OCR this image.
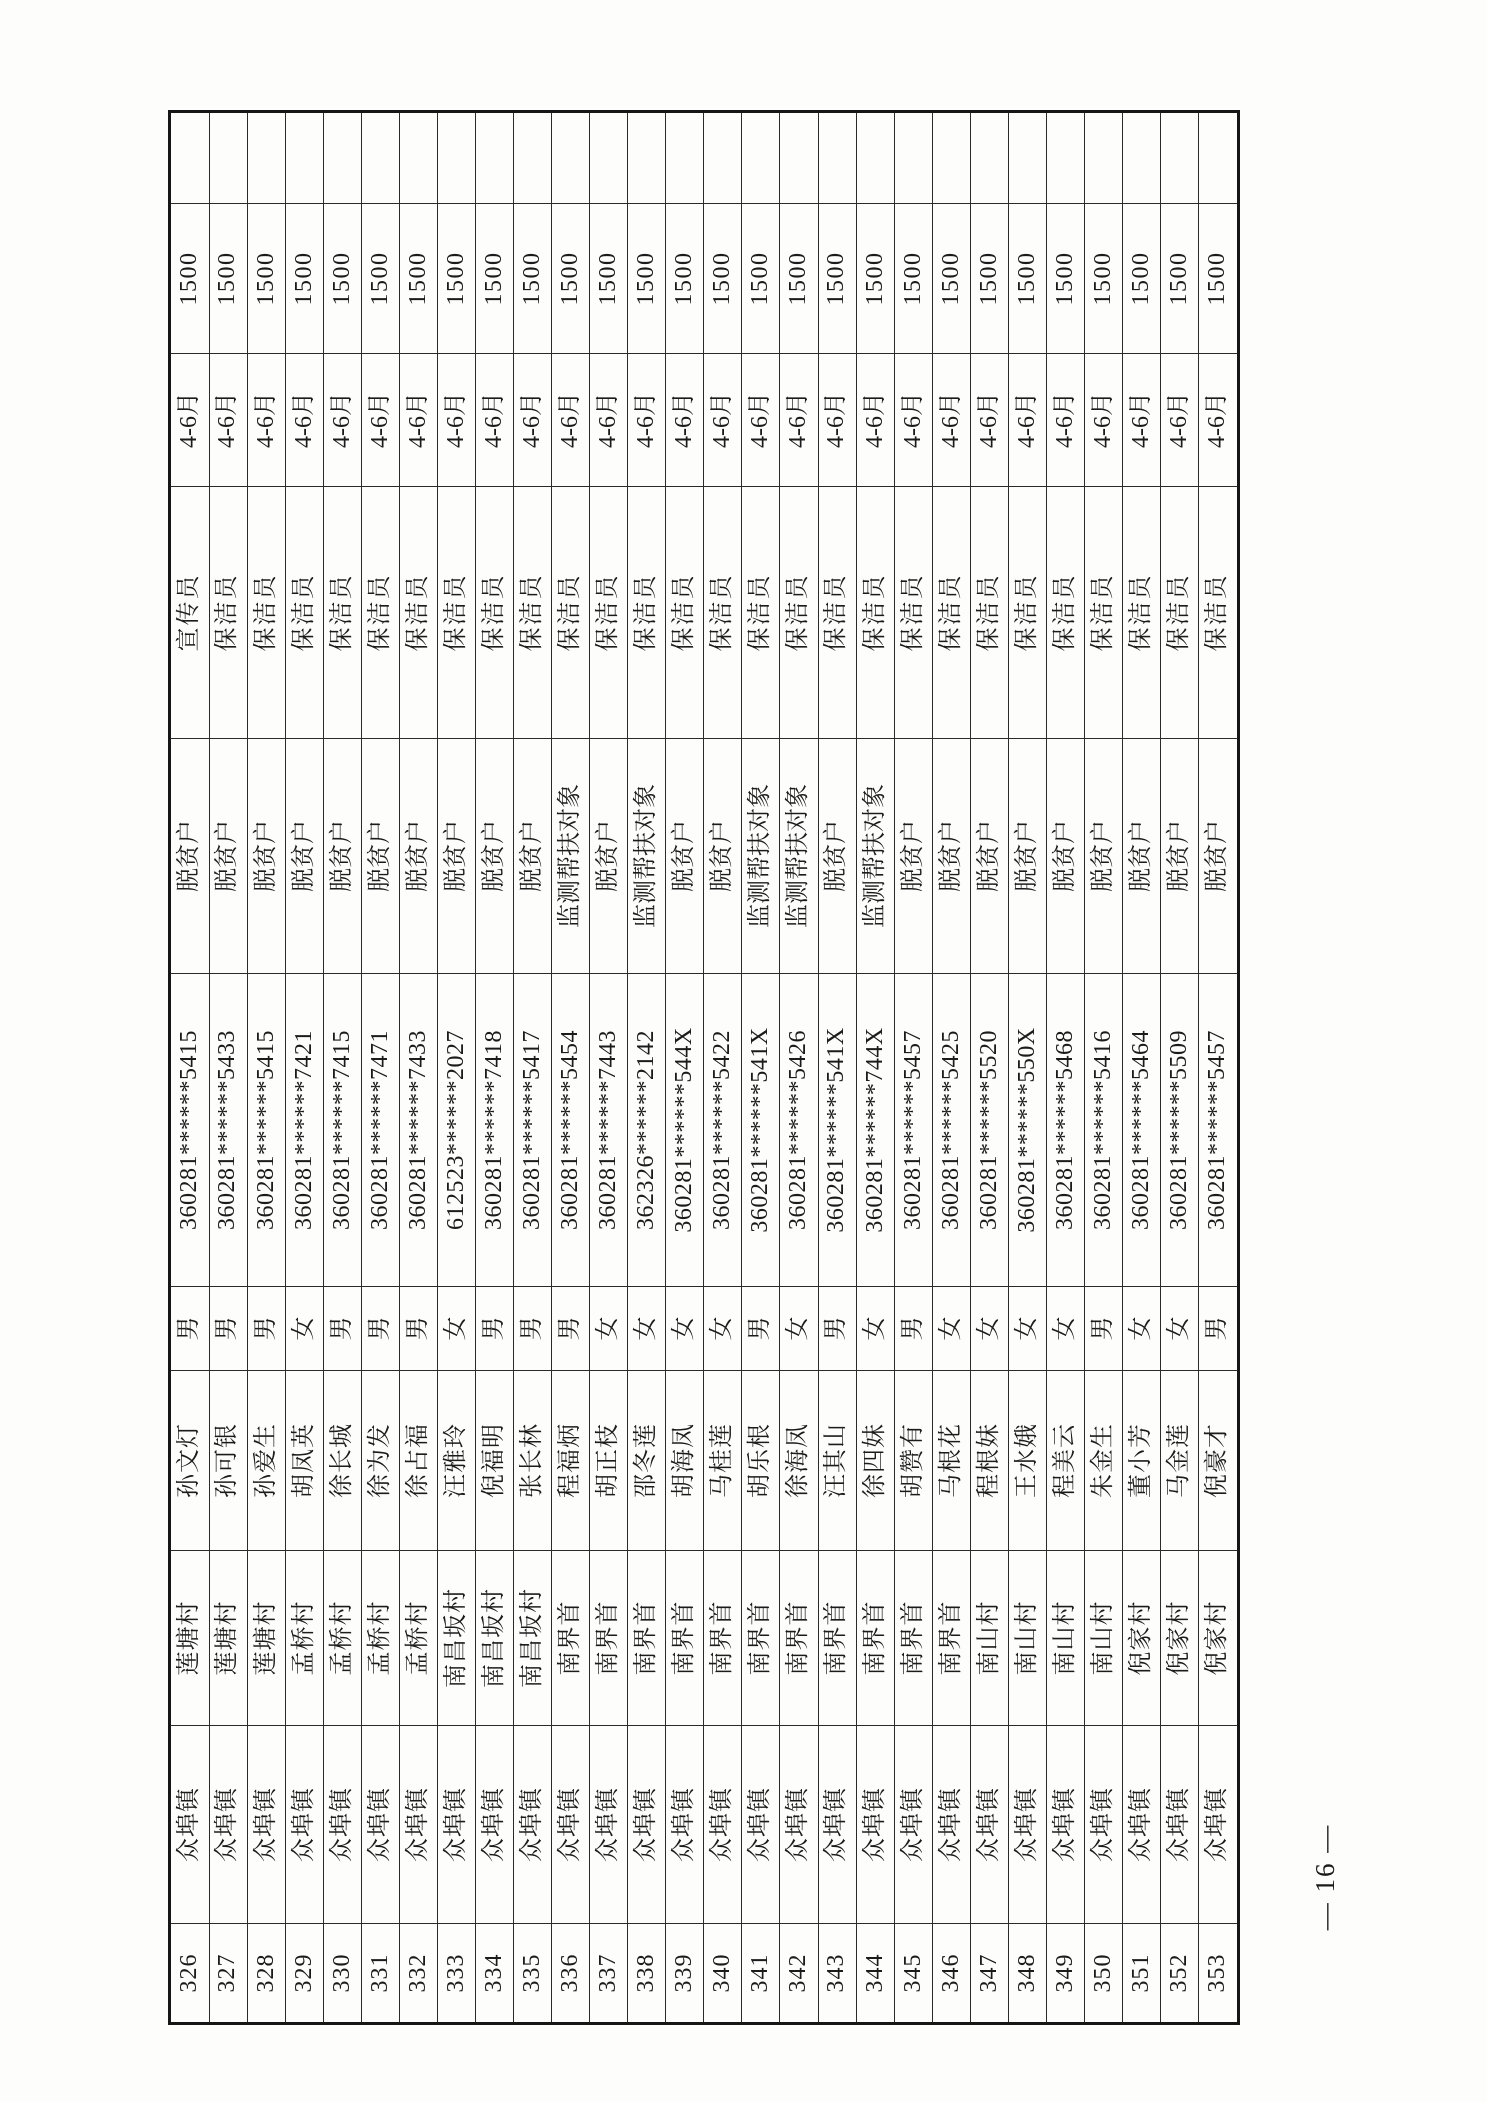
326	众埠镇	莲塘村	孙文灯	男	360281******5415	脱贫户	宣传员	4-6月	1500	
327	众埠镇	莲塘村	孙可银	男	360281******5433	脱贫户	保洁员	4-6月	1500	
328	众埠镇	莲塘村	孙爱生	男	360281******5415	脱贫户	保洁员	4-6月	1500	
329	众埠镇	孟桥村	胡凤英	女	360281******7421	脱贫户	保洁员	4-6月	1500	
330	众埠镇	孟桥村	徐长城	男	360281******7415	脱贫户	保洁员	4-6月	1500	
331	众埠镇	孟桥村	徐为发	男	360281******7471	脱贫户	保洁员	4-6月	1500	
332	众埠镇	孟桥村	徐占福	男	360281******7433	脱贫户	保洁员	4-6月	1500	
333	众埠镇	南昌坂村	汪雅玲	女	612523******2027	脱贫户	保洁员	4-6月	1500	
334	众埠镇	南昌坂村	倪福明	男	360281******7418	脱贫户	保洁员	4-6月	1500	
335	众埠镇	南昌坂村	张长林	男	360281******5417	脱贫户	保洁员	4-6月	1500	
336	众埠镇	南界首	程福炳	男	360281******5454	监测帮扶对象	保洁员	4-6月	1500	
337	众埠镇	南界首	胡正枝	女	360281******7443	脱贫户	保洁员	4-6月	1500	
338	众埠镇	南界首	邵冬莲	女	362326******2142	监测帮扶对象	保洁员	4-6月	1500	
339	众埠镇	南界首	胡海凤	女	360281******544X	脱贫户	保洁员	4-6月	1500	
340	众埠镇	南界首	马桂莲	女	360281******5422	脱贫户	保洁员	4-6月	1500	
341	众埠镇	南界首	胡乐根	男	360281******541X	监测帮扶对象	保洁员	4-6月	1500	
342	众埠镇	南界首	徐海凤	女	360281******5426	监测帮扶对象	保洁员	4-6月	1500	
343	众埠镇	南界首	汪其山	男	360281******541X	脱贫户	保洁员	4-6月	1500	
344	众埠镇	南界首	徐四妹	女	360281******744X	监测帮扶对象	保洁员	4-6月	1500	
345	众埠镇	南界首	胡赞有	男	360281******5457	脱贫户	保洁员	4-6月	1500	
346	众埠镇	南界首	马根花	女	360281******5425	脱贫户	保洁员	4-6月	1500	
347	众埠镇	南山村	程根妹	女	360281******5520	脱贫户	保洁员	4-6月	1500	
348	众埠镇	南山村	王水娥	女	360281******550X	脱贫户	保洁员	4-6月	1500	
349	众埠镇	南山村	程美云	女	360281******5468	脱贫户	保洁员	4-6月	1500	
350	众埠镇	南山村	朱金生	男	360281******5416	脱贫户	保洁员	4-6月	1500	
351	众埠镇	倪家村	董小芳	女	360281******5464	脱贫户	保洁员	4-6月	1500	
352	众埠镇	倪家村	马金莲	女	360281******5509	脱贫户	保洁员	4-6月	1500	
353	众埠镇	倪家村	倪豪才	男	360281******5457	脱贫户	保洁员	4-6月	1500	
— 16 —
